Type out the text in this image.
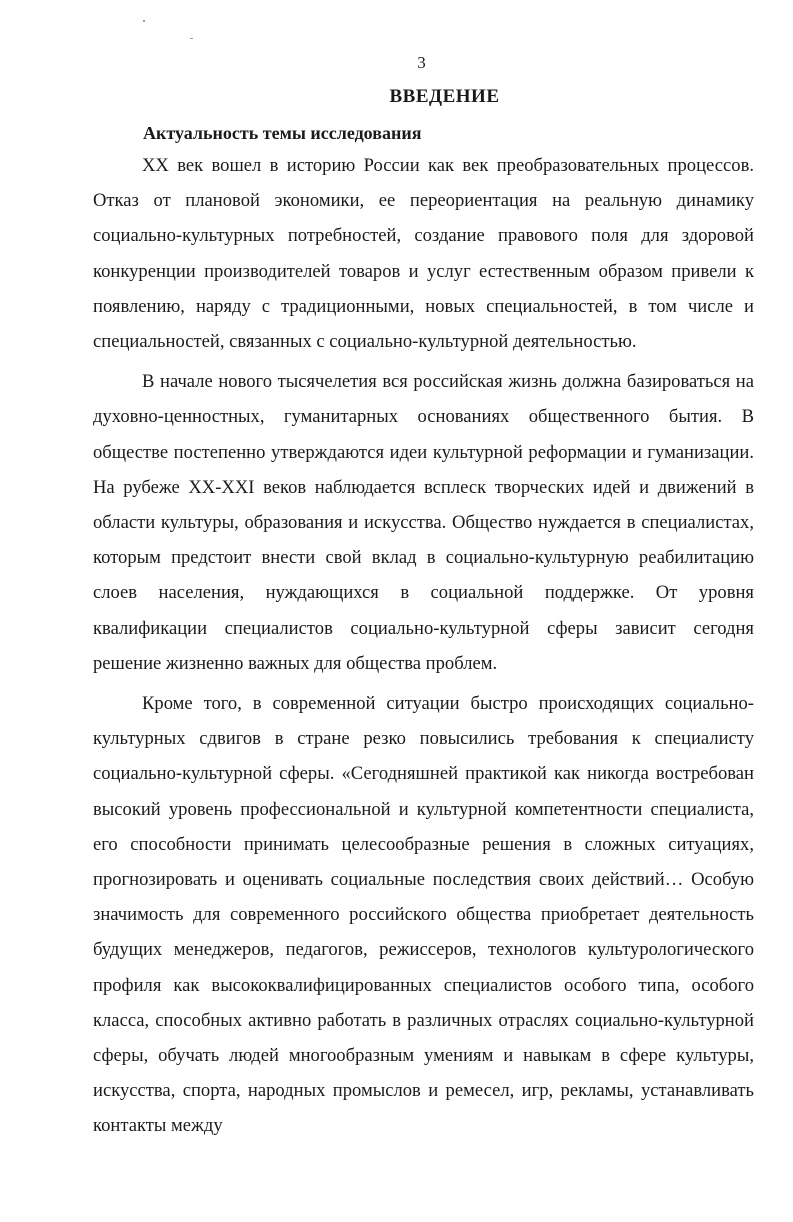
3
ВВЕДЕНИЕ
Актуальность темы исследования

XX век вошел в историю России как век преобразовательных процессов. Отказ от плановой экономики, ее переориентация на реальную динамику социально-культурных потребностей, создание правового поля для здоровой конкуренции производителей товаров и услуг естественным образом привели к появлению, наряду с традиционными, новых специальностей, в том числе и специальностей, связанных с социально-культурной деятельностью.

В начале нового тысячелетия вся российская жизнь должна базироваться на духовно-ценностных, гуманитарных основаниях общественного бытия. В обществе постепенно утверждаются идеи культурной реформации и гуманизации. На рубеже XX-XXI веков наблюдается всплеск творческих идей и движений в области культуры, образования и искусства. Общество нуждается в специалистах, которым предстоит внести свой вклад в социально-культурную реабилитацию слоев населения, нуждающихся в социальной поддержке. От уровня квалификации специалистов социально-культурной сферы зависит сегодня решение жизненно важных для общества проблем.

Кроме того, в современной ситуации быстро происходящих социально-культурных сдвигов в стране резко повысились требования к специалисту социально-культурной сферы. «Сегодняшней практикой как никогда востребован высокий уровень профессиональной и культурной компетентности специалиста, его способности принимать целесообразные решения в сложных ситуациях, прогнозировать и оценивать социальные последствия своих действий… Особую значимость для современного российского общества приобретает деятельность будущих менеджеров, педагогов, режиссеров, технологов культурологического профиля как высококвалифицированных специалистов особого типа, особого класса, способных активно работать в различных отраслях социально-культурной сферы, обучать людей многообразным умениям и навыкам в сфере культуры, искусства, спорта, народных промыслов и ремесел, игр, рекламы, устанавливать контакты между
